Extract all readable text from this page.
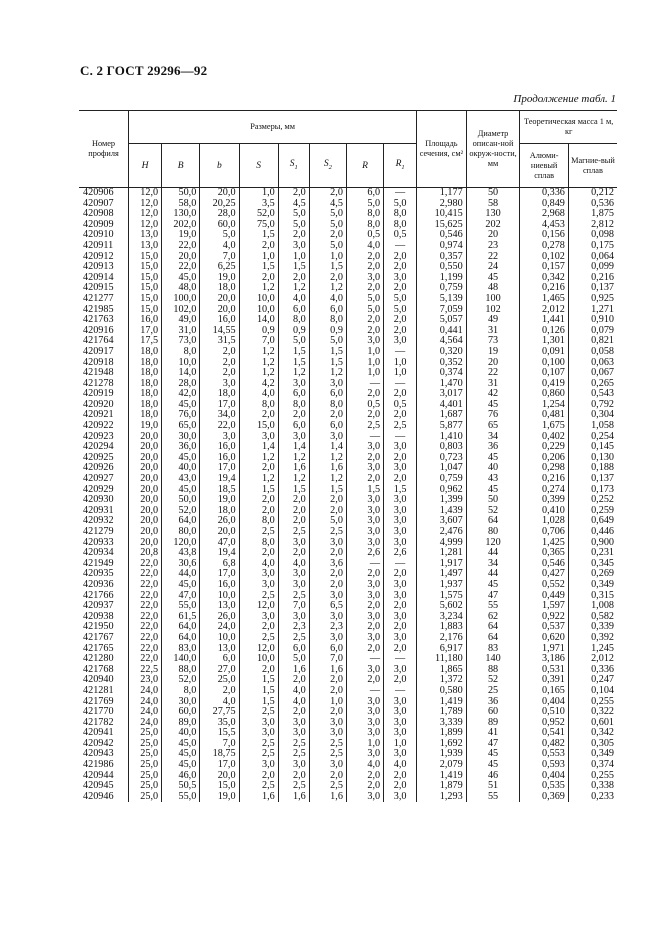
С. 2 ГОСТ 29296—92
Продолжение табл. 1
Номер профиля	Размеры, мм								Площадь сечения, см²	Диаметр описан-ной окруж-ности, мм	Теоретическая масса 1 м, кг	
	H	B	b	S	$S_1$	$S_2$	R	$R_1$			Алюми-ниевый сплав	Магние-вый сплав
420906	12,0	50,0	20,0	1,0	2,0	2,0	6,0	—	1,177	50	0,336	0,212
420907	12,0	58,0	20,25	3,5	4,5	4,5	5,0	5,0	2,980	58	0,849	0,536
420908	12,0	130,0	28,0	52,0	5,0	5,0	8,0	8,0	10,415	130	2,968	1,875
420909	12,0	202,0	60,0	75,0	5,0	5,0	8,0	8,0	15,625	202	4,453	2,812
420910	13,0	19,0	5,0	1,5	2,0	2,0	0,5	0,5	0,546	20	0,156	0,098
420911	13,0	22,0	4,0	2,0	3,0	5,0	4,0	—	0,974	23	0,278	0,175
420912	15,0	20,0	7,0	1,0	1,0	1,0	2,0	2,0	0,357	22	0,102	0,064
420913	15,0	22,0	6,25	1,5	1,5	1,5	2,0	2,0	0,550	24	0,157	0,099
420914	15,0	45,0	19,0	2,0	2,0	2,0	3,0	3,0	1,199	45	0,342	0,216
420915	15,0	48,0	18,0	1,2	1,2	1,2	2,0	2,0	0,759	48	0,216	0,137
421277	15,0	100,0	20,0	10,0	4,0	4,0	5,0	5,0	5,139	100	1,465	0,925
421985	15,0	102,0	20,0	10,0	6,0	6,0	5,0	5,0	7,059	102	2,012	1,271
421763	16,0	49,0	16,0	14,0	8,0	8,0	2,0	2,0	5,057	49	1,441	0,910
420916	17,0	31,0	14,55	0,9	0,9	0,9	2,0	2,0	0,441	31	0,126	0,079
421764	17,5	73,0	31,5	7,0	5,0	5,0	3,0	3,0	4,564	73	1,301	0,821
420917	18,0	8,0	2,0	1,2	1,5	1,5	1,0	—	0,320	19	0,091	0,058
420918	18,0	10,0	2,0	1,2	1,5	1,5	1,0	1,0	0,352	20	0,100	0,063
421948	18,0	14,0	2,0	1,2	1,2	1,2	1,0	1,0	0,374	22	0,107	0,067
421278	18,0	28,0	3,0	4,2	3,0	3,0	—	—	1,470	31	0,419	0,265
420919	18,0	42,0	18,0	4,0	6,0	6,0	2,0	2,0	3,017	42	0,860	0,543
420920	18,0	45,0	17,0	8,0	8,0	8,0	0,5	0,5	4,401	45	1,254	0,792
420921	18,0	76,0	34,0	2,0	2,0	2,0	2,0	2,0	1,687	76	0,481	0,304
420922	19,0	65,0	22,0	15,0	6,0	6,0	2,5	2,5	5,877	65	1,675	1,058
420923	20,0	30,0	3,0	3,0	3,0	3,0	—	—	1,410	34	0,402	0,254
420294	20,0	36,0	16,0	1,4	1,4	1,4	3,0	3,0	0,803	36	0,229	0,145
420925	20,0	45,0	16,0	1,2	1,2	1,2	2,0	2,0	0,723	45	0,206	0,130
420926	20,0	40,0	17,0	2,0	1,6	1,6	3,0	3,0	1,047	40	0,298	0,188
420927	20,0	43,0	19,4	1,2	1,2	1,2	2,0	2,0	0,759	43	0,216	0,137
420929	20,0	45,0	18,5	1,5	1,5	1,5	1,5	1,5	0,962	45	0,274	0,173
420930	20,0	50,0	19,0	2,0	2,0	2,0	3,0	3,0	1,399	50	0,399	0,252
420931	20,0	52,0	18,0	2,0	2,0	2,0	3,0	3,0	1,439	52	0,410	0,259
420932	20,0	64,0	26,0	8,0	2,0	5,0	3,0	3,0	3,607	64	1,028	0,649
421279	20,0	80,0	20,0	2,5	2,5	2,5	3,0	3,0	2,476	80	0,706	0,446
420933	20,0	120,0	47,0	8,0	3,0	3,0	3,0	3,0	4,999	120	1,425	0,900
420934	20,8	43,8	19,4	2,0	2,0	2,0	2,6	2,6	1,281	44	0,365	0,231
421949	22,0	30,6	6,8	4,0	4,0	3,6	—	—	1,917	34	0,546	0,345
420935	22,0	44,0	17,0	3,0	3,0	2,0	2,0	2,0	1,497	44	0,427	0,269
420936	22,0	45,0	16,0	3,0	3,0	2,0	3,0	3,0	1,937	45	0,552	0,349
421766	22,0	47,0	10,0	2,5	2,5	3,0	3,0	3,0	1,575	47	0,449	0,315
420937	22,0	55,0	13,0	12,0	7,0	6,5	2,0	2,0	5,602	55	1,597	1,008
420938	22,0	61,5	26,0	3,0	3,0	3,0	3,0	3,0	3,234	62	0,922	0,582
421950	22,0	64,0	24,0	2,0	2,3	2,3	2,0	2,0	1,883	64	0,537	0,339
421767	22,0	64,0	10,0	2,5	2,5	3,0	3,0	3,0	2,176	64	0,620	0,392
421765	22,0	83,0	13,0	12,0	6,0	6,0	2,0	2,0	6,917	83	1,971	1,245
421280	22,0	140,0	6,0	10,0	5,0	7,0	—	—	11,180	140	3,186	2,012
421768	22,5	88,0	27,0	2,0	1,6	1,6	3,0	3,0	1,865	88	0,531	0,336
420940	23,0	52,0	25,0	1,5	2,0	2,0	2,0	2,0	1,372	52	0,391	0,247
421281	24,0	8,0	2,0	1,5	4,0	2,0	—	—	0,580	25	0,165	0,104
421769	24,0	30,0	4,0	1,5	4,0	1,0	3,0	3,0	1,419	36	0,404	0,255
421770	24,0	60,0	27,75	2,5	2,0	2,0	3,0	3,0	1,789	60	0,510	0,322
421782	24,0	89,0	35,0	3,0	3,0	3,0	3,0	3,0	3,339	89	0,952	0,601
420941	25,0	40,0	15,5	3,0	3,0	3,0	3,0	3,0	1,899	41	0,541	0,342
420942	25,0	45,0	7,0	2,5	2,5	2,5	1,0	1,0	1,692	47	0,482	0,305
420943	25,0	45,0	18,75	2,5	2,5	2,5	3,0	3,0	1,939	45	0,553	0,349
421986	25,0	45,0	17,0	3,0	3,0	3,0	4,0	4,0	2,079	45	0,593	0,374
420944	25,0	46,0	20,0	2,0	2,0	2,0	2,0	2,0	1,419	46	0,404	0,255
420945	25,0	50,5	15,0	2,5	2,5	2,5	2,0	2,0	1,879	51	0,535	0,338
420946	25,0	55,0	19,0	1,6	1,6	1,6	3,0	3,0	1,293	55	0,369	0,233
